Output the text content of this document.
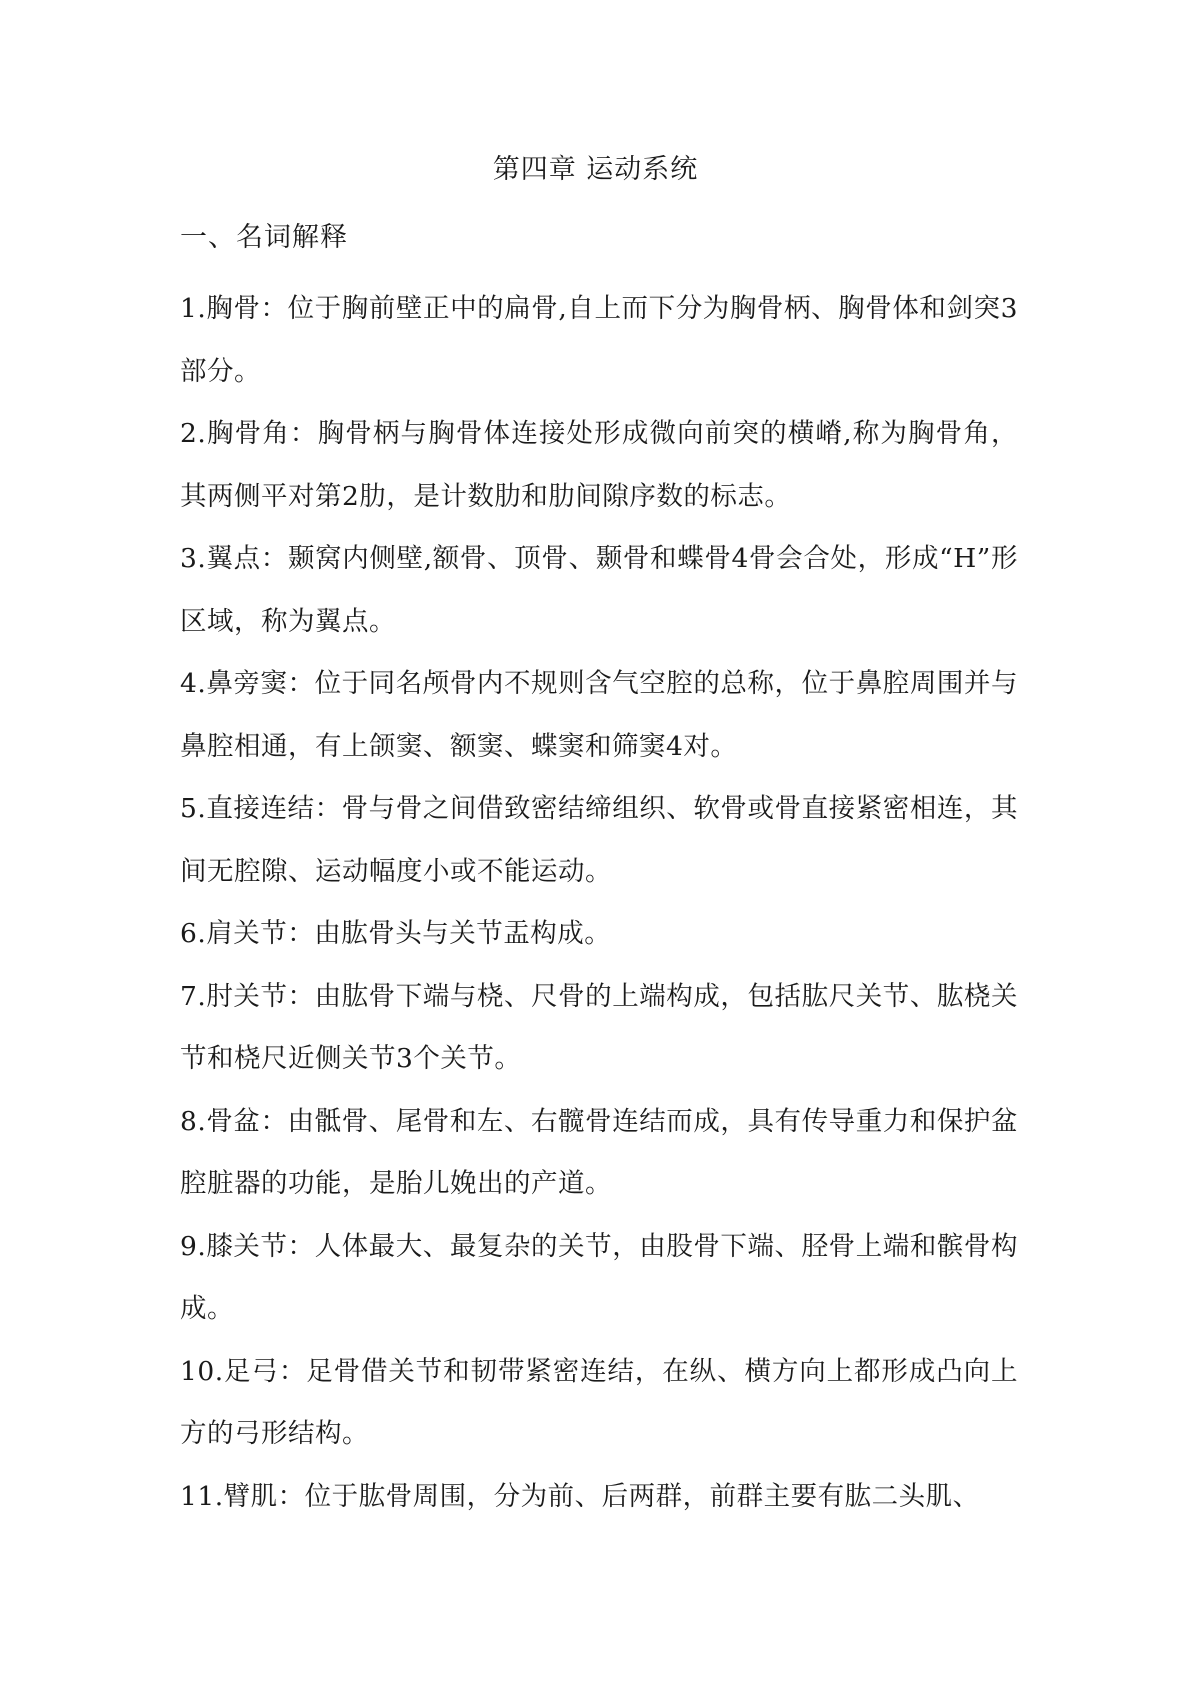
第四章 运动系统
一、名词解释

1.胸骨：位于胸前壁正中的扁骨,自上而下分为胸骨柄、胸骨体和剑突3部分。

2.胸骨角：胸骨柄与胸骨体连接处形成微向前突的横嵴,称为胸骨角，其两侧平对第2肋，是计数肋和肋间隙序数的标志。

3.翼点：颞窝内侧壁,额骨、顶骨、颞骨和蝶骨4骨会合处，形成“H”形区域，称为翼点。

4.鼻旁窦：位于同名颅骨内不规则含气空腔的总称，位于鼻腔周围并与鼻腔相通，有上颌窦、额窦、蝶窦和筛窦4对。

5.直接连结：骨与骨之间借致密结缔组织、软骨或骨直接紧密相连，其间无腔隙、运动幅度小或不能运动。

6.肩关节：由肱骨头与关节盂构成。

7.肘关节：由肱骨下端与桡、尺骨的上端构成，包括肱尺关节、肱桡关节和桡尺近侧关节3个关节。

8.骨盆：由骶骨、尾骨和左、右髋骨连结而成，具有传导重力和保护盆腔脏器的功能，是胎儿娩出的产道。

9.膝关节：人体最大、最复杂的关节，由股骨下端、胫骨上端和髌骨构成。

10.足弓：足骨借关节和韧带紧密连结，在纵、横方向上都形成凸向上方的弓形结构。

11.臂肌：位于肱骨周围，分为前、后两群，前群主要有肱二头肌、
